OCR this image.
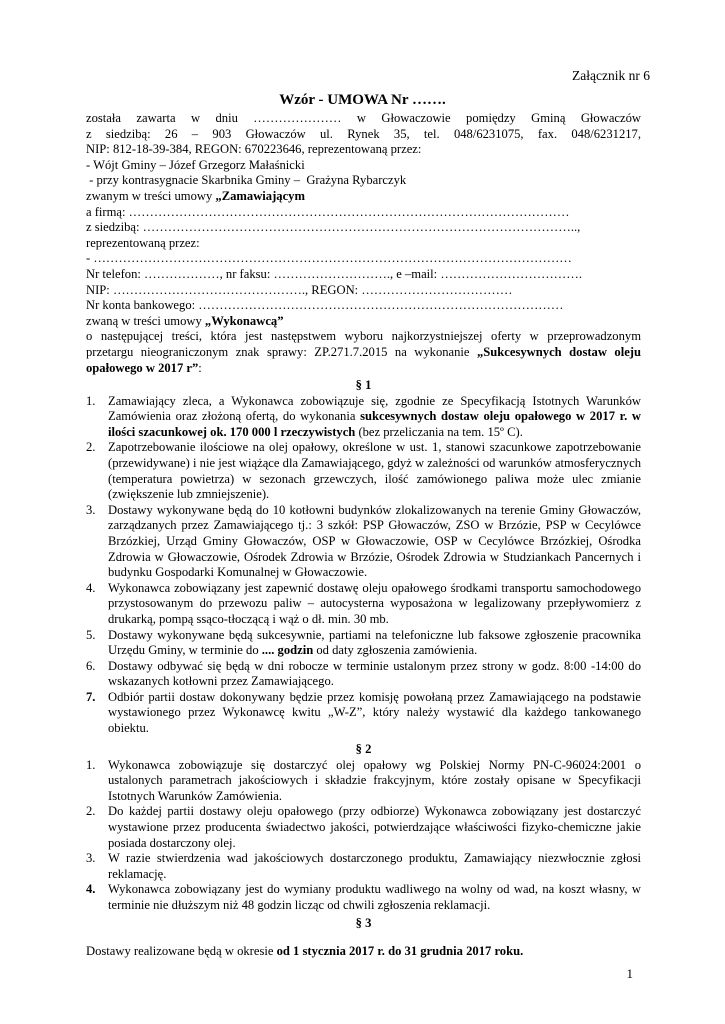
Załącznik nr 6
Wzór - UMOWA Nr …….

została zawarta w dniu ………………… w Głowaczowie pomiędzy Gminą Głowaczów

z siedzibą: 26 – 903 Głowaczów ul. Rynek 35, tel. 048/6231075, fax. 048/6231217,

NIP: 812-18-39-384, REGON: 670223646, reprezentowaną przez:

- Wójt Gminy – Józef Grzegorz Małaśnicki

- przy kontrasygnacie Skarbnika Gminy –  Grażyna Rybarczyk

zwanym w treści umowy „Zamawiającym

a firmą: ……………………………………………………………………………………………

z siedzibą: …………………………………………………………………………………………..,

reprezentowaną przez:

- ……………………………………………………………………………………………………

Nr telefon: ………………, nr faksu: ………………………., e –mail: …………………………….

NIP: ………………………………………., REGON: ………………………………

Nr konta bankowego: ……………………………………………………………………………

zwaną w treści umowy „Wykonawcą”

o następującej treści, która jest następstwem wyboru najkorzystniejszej oferty w przeprowadzonym

przetargu nieograniczonym znak sprawy: ZP.271.7.2015 na wykonanie „Sukcesywnych dostaw oleju

opałowego w 2017 r”:

§ 1

1. Zamawiający zleca, a Wykonawca zobowiązuje się, zgodnie ze Specyfikacją Istotnych Warunków Zamówienia oraz złożoną ofertą, do wykonania sukcesywnych dostaw oleju opałowego w 2017 r. w ilości szacunkowej ok. 170 000 l rzeczywistych (bez przeliczania na tem. 15º C).
2. Zapotrzebowanie ilościowe na olej opałowy, określone w ust. 1, stanowi szacunkowe zapotrzebowanie (przewidywane) i nie jest wiążące dla Zamawiającego, gdyż w zależności od warunków atmosferycznych (temperatura powietrza) w sezonach grzewczych, ilość zamówionego paliwa może ulec zmianie (zwiększenie lub zmniejszenie).
3. Dostawy wykonywane będą do 10 kotłowni budynków zlokalizowanych na terenie Gminy Głowaczów, zarządzanych przez Zamawiającego tj.: 3 szkół: PSP Głowaczów, ZSO w Brzózie, PSP w Cecylówce Brzózkiej, Urząd Gminy Głowaczów, OSP w Głowaczowie, OSP w Cecylówce Brzózkiej, Ośrodka Zdrowia w Głowaczowie, Ośrodek Zdrowia w Brzózie, Ośrodek Zdrowia w Studziankach Pancernych i budynku Gospodarki Komunalnej w Głowaczowie.
4. Wykonawca zobowiązany jest zapewnić dostawę oleju opałowego środkami transportu samochodowego przystosowanym do przewozu paliw – autocysterna wyposażona w legalizowany przepływomierz z drukarką, pompą ssąco-tłoczącą i wąż o dł. min. 30 mb.
5. Dostawy wykonywane będą sukcesywnie, partiami na telefoniczne lub faksowe zgłoszenie pracownika Urzędu Gminy, w terminie do .... godzin od daty zgłoszenia zamówienia.
6. Dostawy odbywać się będą w dni robocze w terminie ustalonym przez strony w godz. 8:00 -14:00 do wskazanych kotłowni przez Zamawiającego.
7. Odbiór partii dostaw dokonywany będzie przez komisję powołaną przez Zamawiającego na podstawie wystawionego przez Wykonawcę kwitu „W-Z”, który należy wystawić dla każdego tankowanego obiektu.

§ 2

1. Wykonawca zobowiązuje się dostarczyć olej opałowy wg Polskiej Normy PN-C-96024:2001 o ustalonych parametrach jakościowych i składzie frakcyjnym, które zostały opisane w Specyfikacji Istotnych Warunków Zamówienia.
2. Do każdej partii dostawy oleju opałowego (przy odbiorze) Wykonawca zobowiązany jest dostarczyć wystawione przez producenta świadectwo jakości, potwierdzające właściwości fizyko-chemiczne jakie posiada dostarczony olej.
3. W razie stwierdzenia wad jakościowych dostarczonego produktu, Zamawiający niezwłocznie zgłosi reklamację.
4. Wykonawca zobowiązany jest do wymiany produktu wadliwego na wolny od wad, na koszt własny, w terminie nie dłuższym niż 48 godzin licząc od chwili zgłoszenia reklamacji.

§ 3

Dostawy realizowane będą w okresie od 1 stycznia 2017 r. do 31 grudnia 2017 roku.

1
